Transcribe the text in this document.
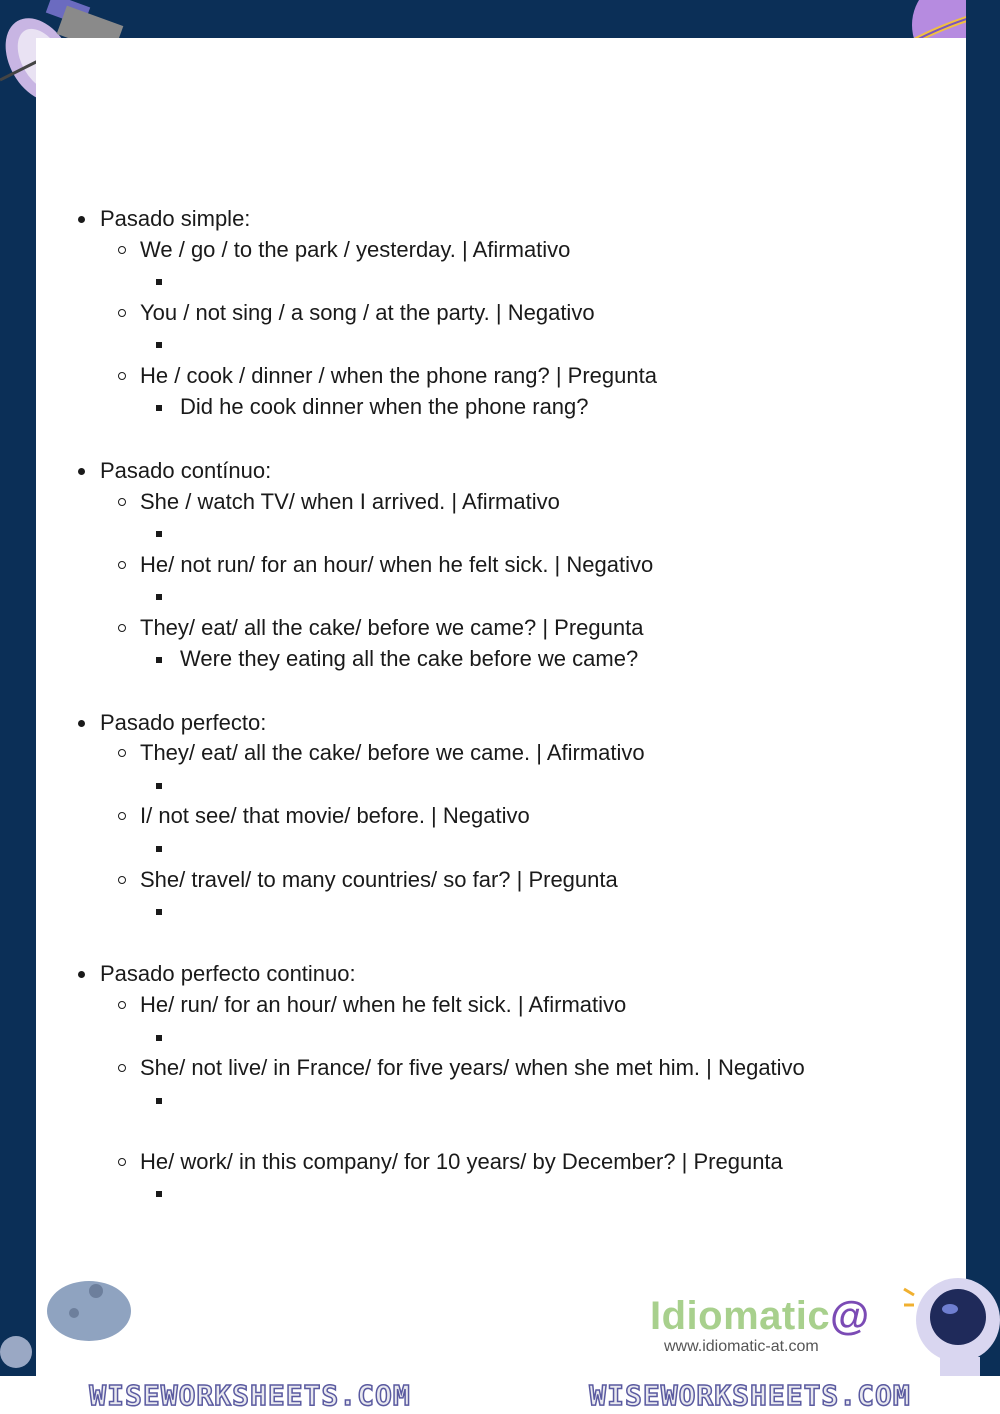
Pasado simple:
We / go / to the park / yesterday. | Afirmativo
You / not sing / a song / at the party. | Negativo
He / cook / dinner / when the phone rang? | Pregunta
Did he cook dinner when the phone rang?
Pasado contínuo:
She / watch TV/ when I arrived. | Afirmativo
He/ not run/ for an hour/ when he felt sick. | Negativo
They/ eat/ all the cake/ before we came? | Pregunta
Were they eating all the cake before we came?
Pasado perfecto:
They/ eat/ all the cake/ before we came. | Afirmativo
I/ not see/ that movie/ before. | Negativo
She/ travel/ to many countries/ so far? | Pregunta
Pasado perfecto continuo:
He/ run/ for an hour/ when he felt sick. | Afirmativo
She/ not live/ in France/ for five years/ when she met him. | Negativo
He/ work/ in this company/ for 10 years/ by December? | Pregunta
Idiomatic@
www.idiomatic-at.com
WISEWORKSHEETS.COM	WISEWORKSHEETS.COM
